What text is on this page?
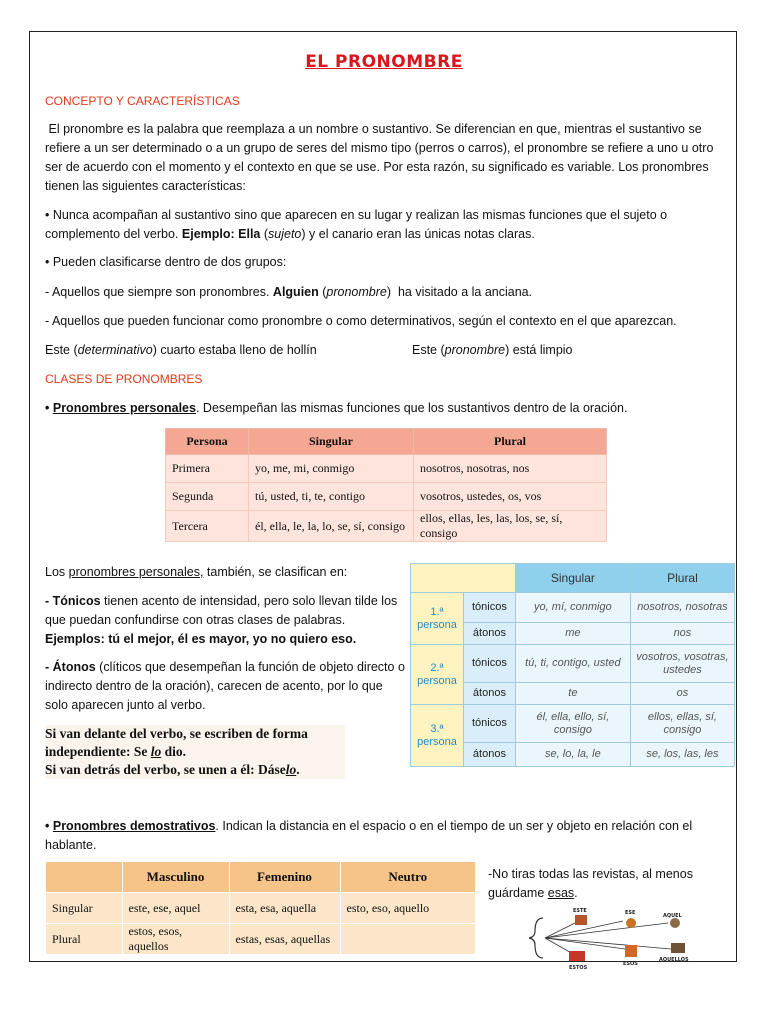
EL PRONOMBRE
CONCEPTO Y CARACTERÍSTICAS
El pronombre es la palabra que reemplaza a un nombre o sustantivo. Se diferencian en que, mientras el sustantivo se refiere a un ser determinado o a un grupo de seres del mismo tipo (perros o carros), el pronombre se refiere a uno u otro ser de acuerdo con el momento y el contexto en que se use. Por esta razón, su significado es variable. Los pronombres tienen las siguientes características:
• Nunca acompañan al sustantivo sino que aparecen en su lugar y realizan las mismas funciones que el sujeto o complemento del verbo. Ejemplo: Ella (sujeto) y el canario eran las únicas notas claras.
• Pueden clasificarse dentro de dos grupos:
- Aquellos que siempre son pronombres. Alguien (pronombre)  ha visitado a la anciana.
- Aquellos que pueden funcionar como pronombre o como determinativos, según el contexto en el que aparezcan.
Este (determinativo) cuarto estaba lleno de hollín	Este (pronombre) está limpio
CLASES DE PRONOMBRES
• Pronombres personales. Desempeñan las mismas funciones que los sustantivos dentro de la oración.
Persona	Singular	Plural
Primera	yo, me, mi, conmigo	nosotros, nosotras, nos
Segunda	tú, usted, ti, te, contigo	vosotros, ustedes, os, vos
Tercera	él, ella, le, la, lo, se, sí, consigo	ellos, ellas, les, las, los, se, sí, consigo
Los pronombres personales, también, se clasifican en:
- Tónicos tienen acento de intensidad, pero solo llevan tilde los que puedan confundirse con otras clases de palabras.
Ejemplos: tú el mejor, él es mayor, yo no quiero eso.
- Átonos (clíticos que desempeñan la función de objeto directo o indirecto dentro de la oración), carecen de acento, por lo que solo aparecen junto al verbo.
Si van delante del verbo, se escriben de forma independiente: Se lo dio.
Si van detrás del verbo, se unen a él: Dáselo.
		Singular	Plural
1.ª persona	tónicos	yo, mí, conmigo	nosotros, nosotras
	átonos	me	nos
2.ª persona	tónicos	tú, ti, contigo, usted	vosotros, vosotras, ustedes
	átonos	te	os
3.ª persona	tónicos	él, ella, ello, sí, consigo	ellos, ellas, sí, consigo
	átonos	se, lo, la, le	se, los, las, les
• Pronombres demostrativos. Indican la distancia en el espacio o en el tiempo de un ser y objeto en relación con el hablante.
	Masculino	Femenino	Neutro
Singular	este, ese, aquel	esta, esa, aquella	esto, eso, aquello
Plural	estos, esos, aquellos	estas, esas, aquellas	
-No tiras todas las revistas, al menos guárdame esas.
ESTE	ESE	AQUEL
ESTOS
ESOS
AQUELLOS
